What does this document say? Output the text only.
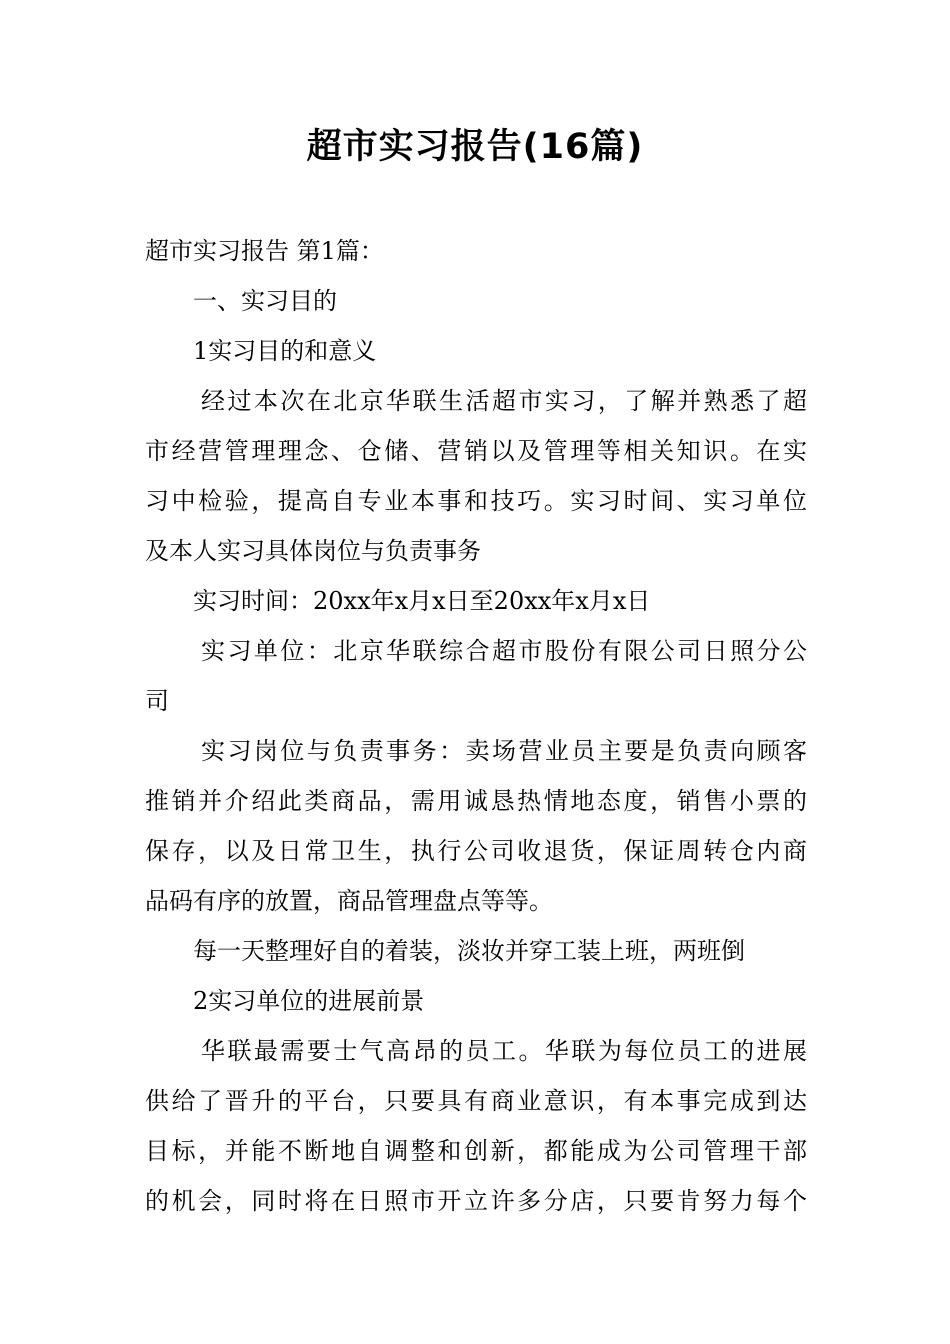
超市实习报告(16篇)
超市实习报告 第1篇：
一、实习目的
1实习目的和意义
经过本次在北京华联生活超市实习，了解并熟悉了超
市经营管理理念、仓储、营销以及管理等相关知识。在实
习中检验，提高自专业本事和技巧。实习时间、实习单位
及本人实习具体岗位与负责事务
实习时间：20xx年x月x日至20xx年x月x日
实习单位：北京华联综合超市股份有限公司日照分公
司
实习岗位与负责事务：卖场营业员主要是负责向顾客
推销并介绍此类商品，需用诚恳热情地态度，销售小票的
保存，以及日常卫生，执行公司收退货，保证周转仓内商
品码有序的放置，商品管理盘点等等。
每一天整理好自的着装，淡妆并穿工装上班，两班倒
2实习单位的进展前景
华联最需要士气高昂的员工。华联为每位员工的进展
供给了晋升的平台，只要具有商业意识，有本事完成到达
目标，并能不断地自调整和创新，都能成为公司管理干部
的机会，同时将在日照市开立许多分店，只要肯努力每个
